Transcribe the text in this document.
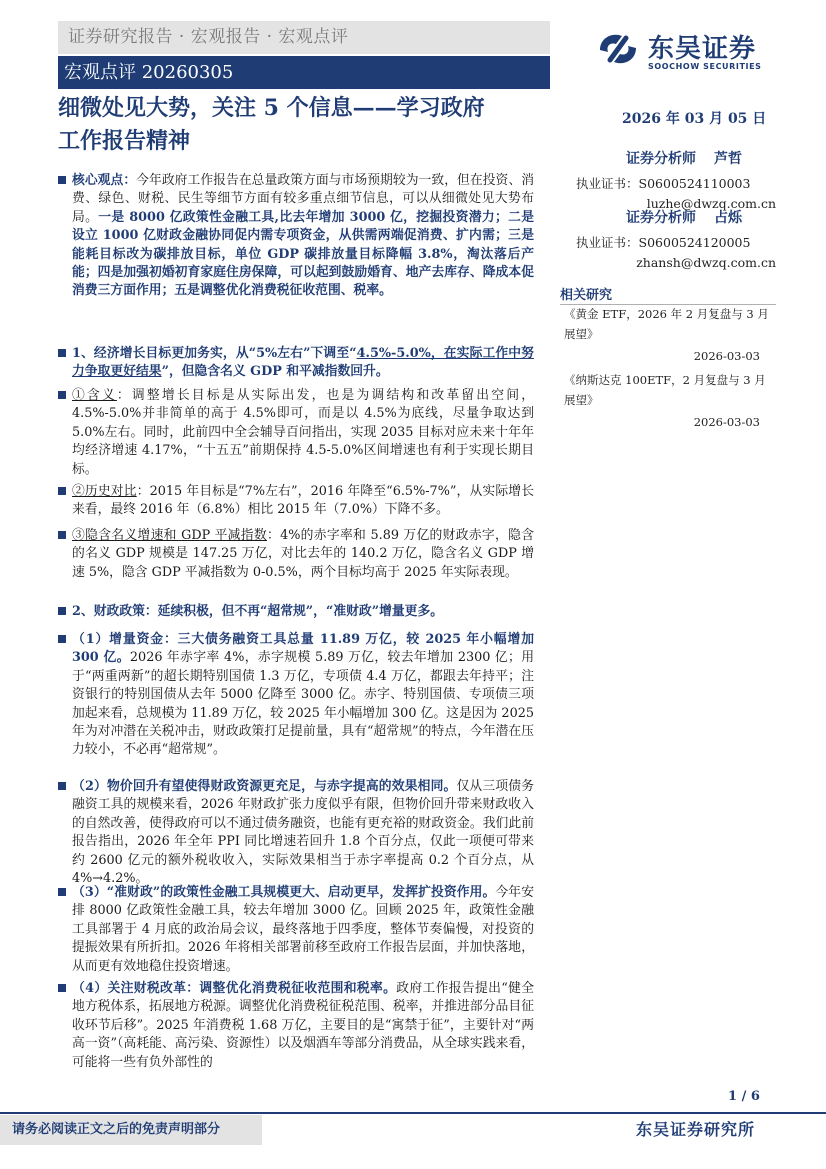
证券研究报告 · 宏观报告 · 宏观点评
宏观点评 20260305
东吴证券
SOOCHOW SECURITIES
细微处见大势，关注 5 个信息——学习政府
工作报告精神
2026 年 03 月 05 日
证券分析师 芦哲
执业证书：S0600524110003
luzhe@dwzq.com.cn
证券分析师 占烁
执业证书：S0600524120005
zhansh@dwzq.com.cn
相关研究
《黄金 ETF，2026 年 2 月复盘与 3 月展望》
2026-03-03
《纳斯达克 100ETF，2 月复盘与 3 月展望》
2026-03-03
核心观点：今年政府工作报告在总量政策方面与市场预期较为一致，但在投资、消费、绿色、财税、民生等细节方面有较多重点细节信息，可以从细微处见大势布局。一是 8000 亿政策性金融工具,比去年增加 3000 亿，挖掘投资潜力；二是设立 1000 亿财政金融协同促内需专项资金，从供需两端促消费、扩内需；三是能耗目标改为碳排放目标，单位 GDP 碳排放量目标降幅 3.8%，淘汰落后产能；四是加强初婚初育家庭住房保障，可以起到鼓励婚育、地产去库存、降成本促消费三方面作用；五是调整优化消费税征收范围、税率。
1、经济增长目标更加务实，从“5%左右”下调至“4.5%-5.0%，在实际工作中努力争取更好结果”，但隐含名义 GDP 和平减指数回升。
①含义：调整增长目标是从实际出发，也是为调结构和改革留出空间，4.5%-5.0%并非简单的高于 4.5%即可，而是以 4.5%为底线，尽量争取达到 5.0%左右。同时，此前四中全会辅导百问指出，实现 2035 目标对应未来十年年均经济增速 4.17%，“十五五”前期保持 4.5-5.0%区间增速也有利于实现长期目标。
②历史对比：2015 年目标是“7%左右”，2016 年降至“6.5%-7%”，从实际增长来看，最终 2016 年（6.8%）相比 2015 年（7.0%）下降不多。
③隐含名义增速和 GDP 平减指数：4%的赤字率和 5.89 万亿的财政赤字，隐含的名义 GDP 规模是 147.25 万亿，对比去年的 140.2 万亿，隐含名义 GDP 增速 5%，隐含 GDP 平减指数为 0-0.5%，两个目标均高于 2025 年实际表现。
2、财政政策：延续积极，但不再“超常规”，“准财政”增量更多。
（1）增量资金：三大债务融资工具总量 11.89 万亿，较 2025 年小幅增加 300 亿。2026 年赤字率 4%，赤字规模 5.89 万亿，较去年增加 2300 亿；用于“两重两新”的超长期特别国债 1.3 万亿，专项债 4.4 万亿，都跟去年持平；注资银行的特别国债从去年 5000 亿降至 3000 亿。赤字、特别国债、专项债三项加起来看，总规模为 11.89 万亿，较 2025 年小幅增加 300 亿。这是因为 2025 年为对冲潜在关税冲击，财政政策打足提前量，具有“超常规”的特点，今年潜在压力较小，不必再“超常规”。
（2）物价回升有望使得财政资源更充足，与赤字提高的效果相同。仅从三项债务融资工具的规模来看，2026 年财政扩张力度似乎有限，但物价回升带来财政收入的自然改善，使得政府可以不通过债务融资，也能有更充裕的财政资金。我们此前报告指出，2026 年全年 PPI 同比增速若回升 1.8 个百分点，仅此一项便可带来约 2600 亿元的额外税收收入，实际效果相当于赤字率提高 0.2 个百分点，从 4%→4.2%。
（3）“准财政”的政策性金融工具规模更大、启动更早，发挥扩投资作用。今年安排 8000 亿政策性金融工具，较去年增加 3000 亿。回顾 2025 年，政策性金融工具部署于 4 月底的政治局会议，最终落地于四季度，整体节奏偏慢，对投资的提振效果有所折扣。2026 年将相关部署前移至政府工作报告层面，并加快落地，从而更有效地稳住投资增速。
（4）关注财税改革：调整优化消费税征收范围和税率。政府工作报告提出“健全地方税体系，拓展地方税源。调整优化消费税征税范围、税率，并推进部分品目征收环节后移”。2025 年消费税 1.68 万亿，主要目的是“寓禁于征”，主要针对“两高一资”（高耗能、高污染、资源性）以及烟酒车等部分消费品，从全球实践来看，可能将一些有负外部性的
1 / 6
请务必阅读正文之后的免责声明部分	东吴证券研究所
